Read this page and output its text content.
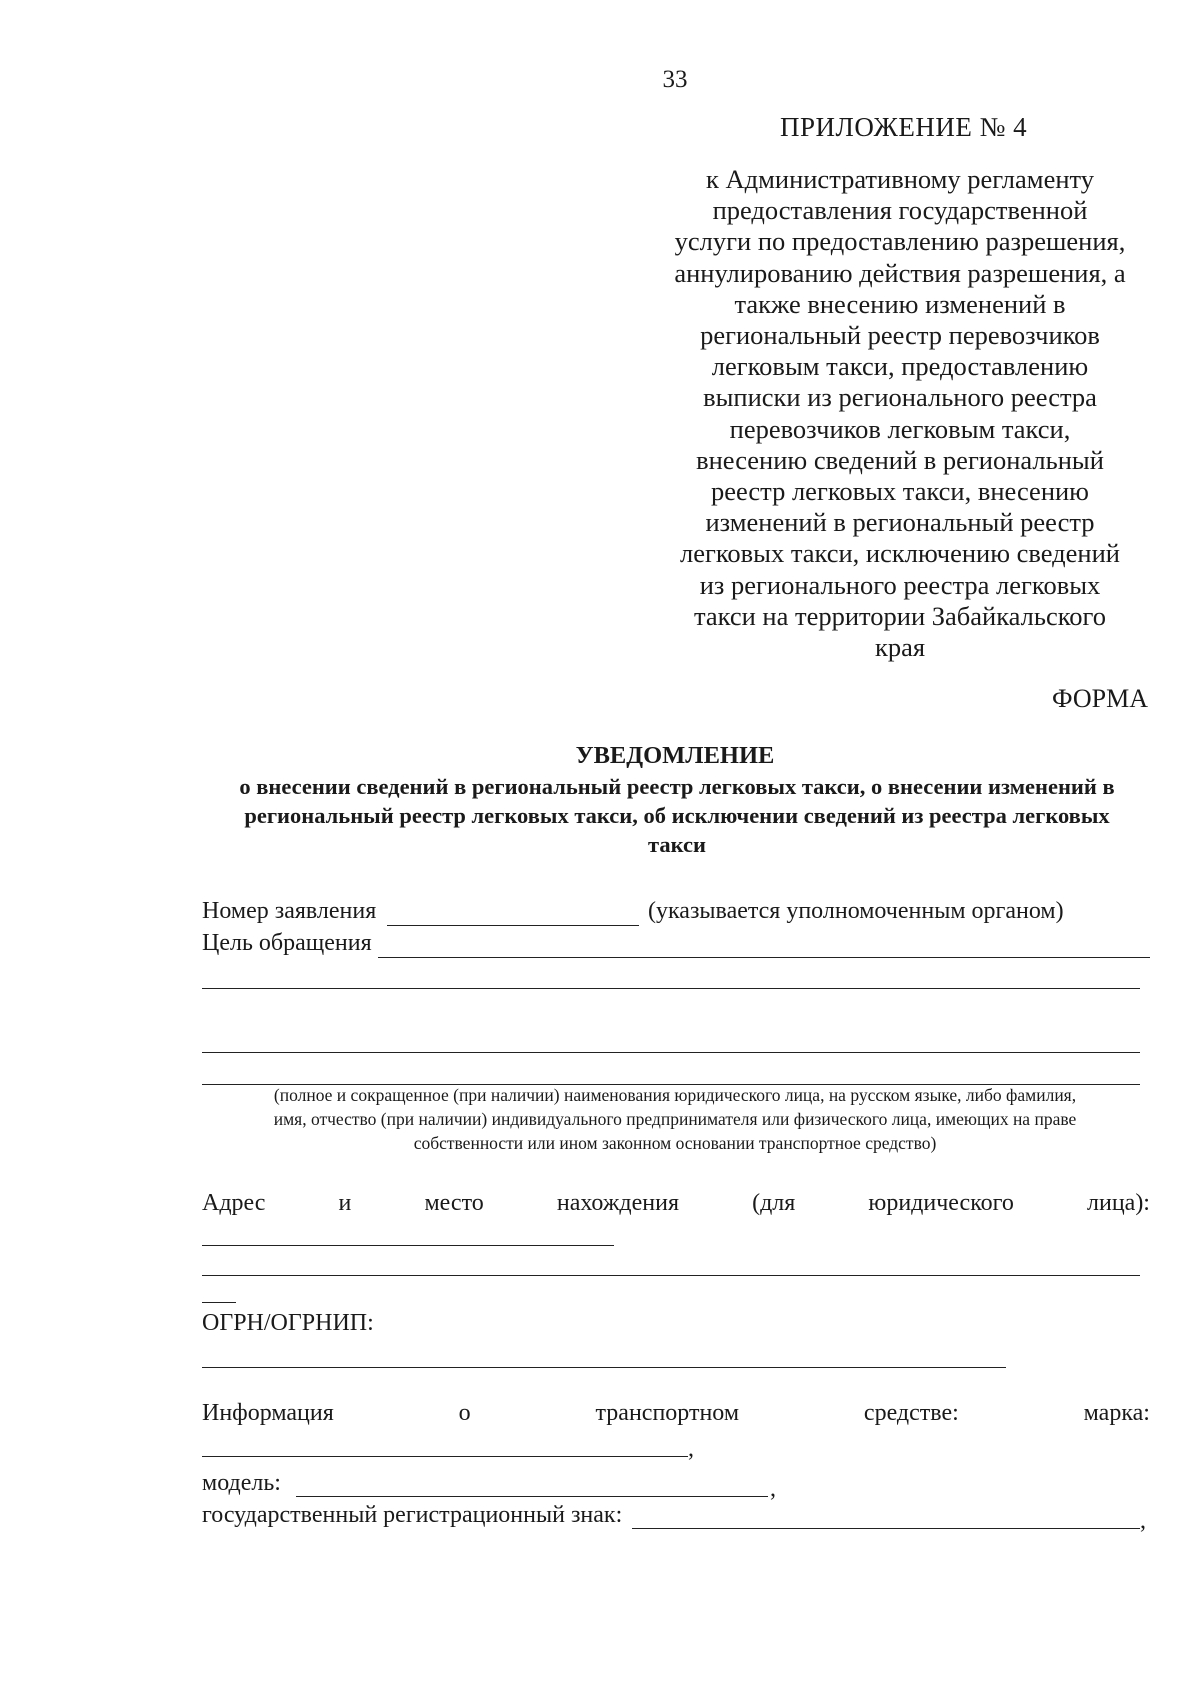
33
ПРИЛОЖЕНИЕ № 4
к Административному регламенту
предоставления государственной
услуги по предоставлению разрешения,
аннулированию действия разрешения, а
также внесению изменений в
региональный реестр перевозчиков
легковым такси, предоставлению
выписки из регионального реестра
перевозчиков легковым такси,
внесению сведений в региональный
реестр легковых такси, внесению
изменений в региональный реестр
легковых такси, исключению сведений
из регионального реестра легковых
такси на территории Забайкальского
края
ФОРМА
УВЕДОМЛЕНИЕ
о внесении сведений в региональный реестр легковых такси, о внесении изменений в
региональный реестр легковых такси, об исключении сведений из реестра легковых
такси
Номер заявления	(указывается уполномоченным органом)
Цель обращения
(полное и сокращенное (при наличии) наименования юридического лица, на русском языке, либо фамилия,
имя, отчество (при наличии) индивидуального предпринимателя или физического лица, имеющих на праве
собственности или ином законном основании транспортное средство)
Адрес	и	место	нахождения	(для	юридического	лица):
ОГРН/ОГРНИП:
Информация	о	транспортном	средстве:	марка:
,
модель:	,
государственный регистрационный знак:	,
